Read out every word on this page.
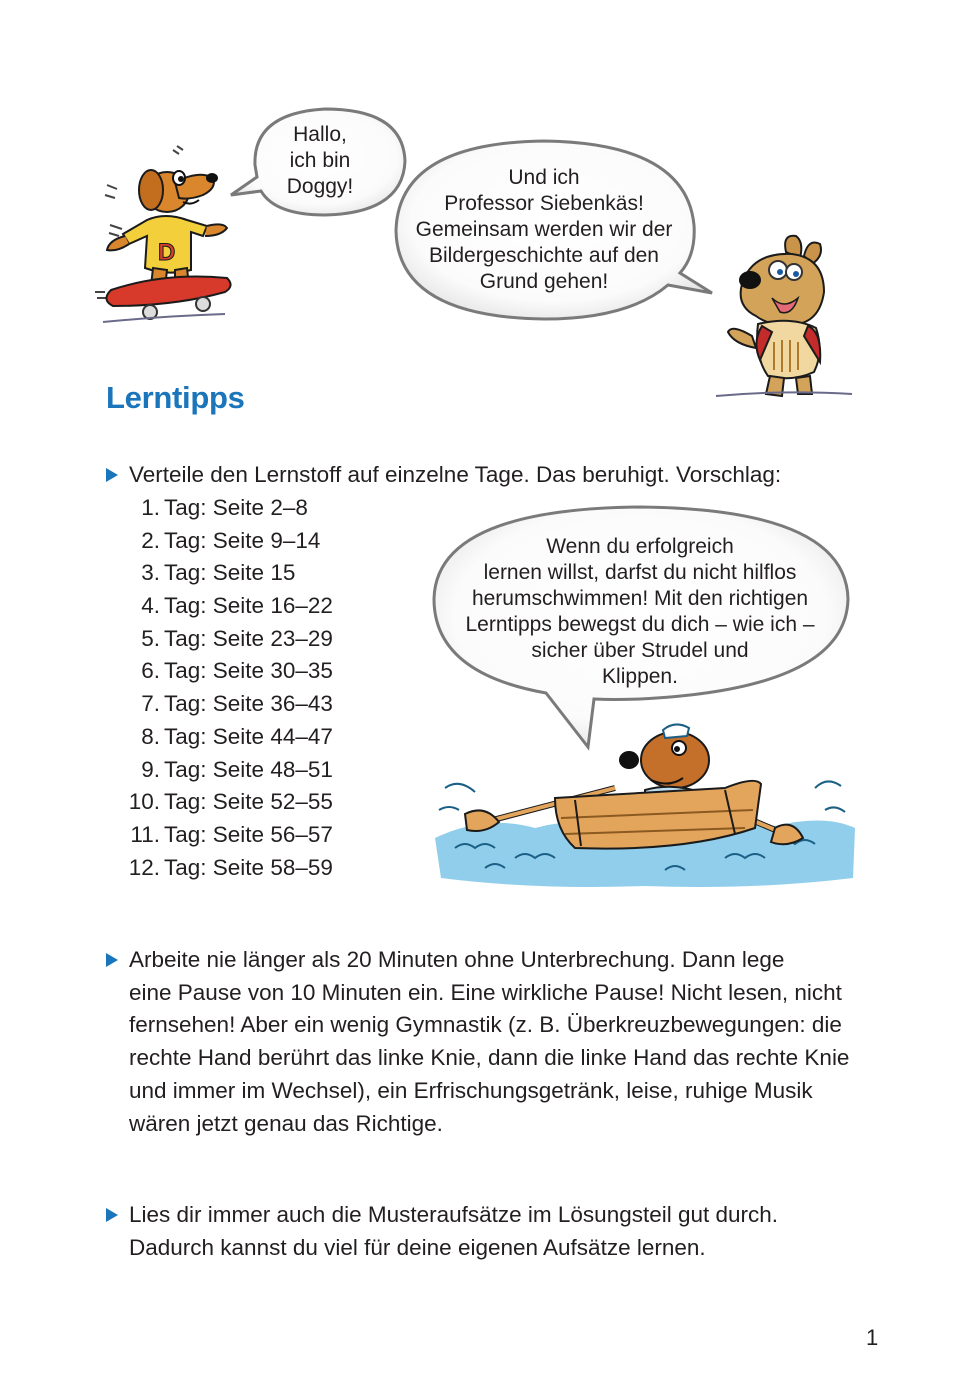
D
Hallo,
ich bin
Doggy!	Und ich
Professor Siebenkäs!
Gemeinsam werden wir der
Bildergeschichte auf den
Grund gehen!
Lerntipps
Verteile den Lernstoff auf einzelne Tage. Das beruhigt. Vorschlag:
1. Tag: Seite 2–8
2. Tag: Seite 9–14
3. Tag: Seite 15
4. Tag: Seite 16–22
5. Tag: Seite 23–29
6. Tag: Seite 30–35
7. Tag: Seite 36–43
8. Tag: Seite 44–47
9. Tag: Seite 48–51
10. Tag: Seite 52–55
11. Tag: Seite 56–57
12. Tag: Seite 58–59
Wenn du erfolgreich
lernen willst, darfst du nicht hilflos
herumschwimmen! Mit den richtigen
Lerntipps bewegst du dich – wie ich –
sicher über Strudel und
Klippen.
Arbeite nie länger als 20 Minuten ohne Unterbrechung. Dann lege
eine Pause von 10 Minuten ein. Eine wirkliche Pause! Nicht lesen, nicht
fernsehen! Aber ein wenig Gymnastik (z. B. Überkreuzbewegungen: die
rechte Hand berührt das linke Knie, dann die linke Hand das rechte Knie
und immer im Wechsel), ein Erfrischungsgetränk, leise, ruhige Musik
wären jetzt genau das Richtige.
Lies dir immer auch die Musteraufsätze im Lösungsteil gut durch.
Dadurch kannst du viel für deine eigenen Aufsätze lernen.
1
